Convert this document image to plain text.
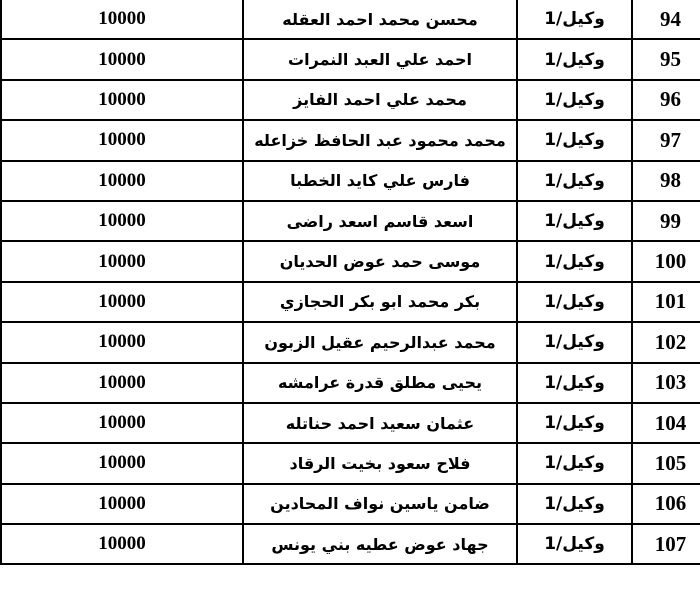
94	وكيل/1	محسن محمد احمد العقله	10000
95	وكيل/1	احمد علي العبد النمرات	10000
96	وكيل/1	محمد علي احمد الفايز	10000
97	وكيل/1	محمد محمود عبد الحافظ خزاعله	10000
98	وكيل/1	فارس علي كايد الخطبا	10000
99	وكيل/1	اسعد قاسم اسعد راضى	10000
100	وكيل/1	موسى حمد عوض الحديان	10000
101	وكيل/1	بكر محمد ابو بكر الحجازي	10000
102	وكيل/1	محمد عبدالرحيم عقيل الزبون	10000
103	وكيل/1	يحيى مطلق قدرة عرامشه	10000
104	وكيل/1	عثمان سعيد احمد حناتله	10000
105	وكيل/1	فلاح سعود بخيت الرقاد	10000
106	وكيل/1	ضامن ياسين نواف المحادين	10000
107	وكيل/1	جهاد عوض عطيه بني يونس	10000
